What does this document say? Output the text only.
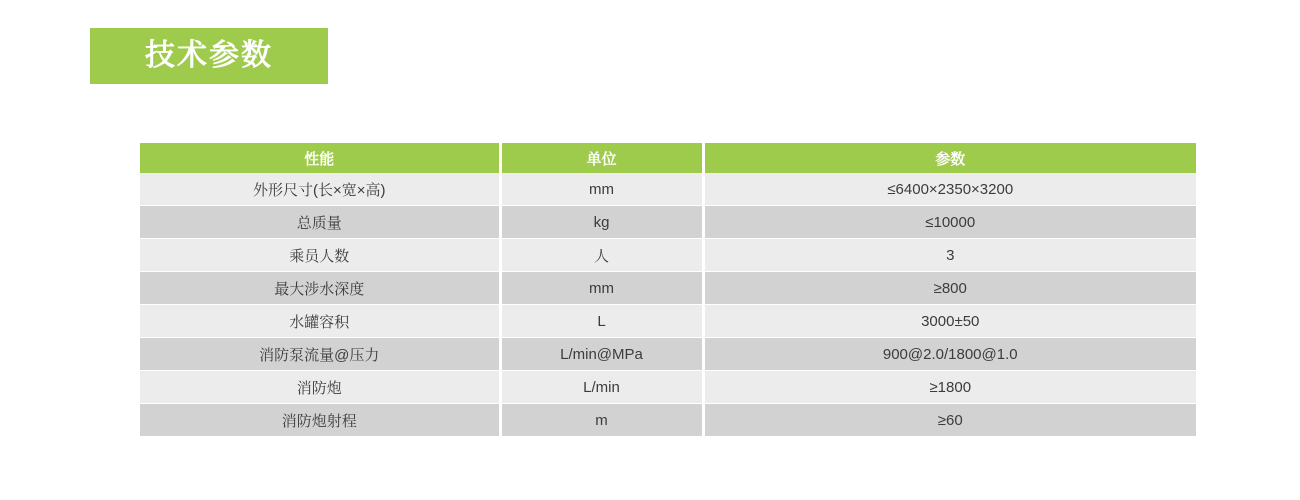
技术参数
性能	单位	参数
外形尺寸(长×宽×高)	mm	≤6400×2350×3200
总质量	kg	≤10000
乘员人数	人	3
最大涉水深度	mm	≥800
水罐容积	L	3000±50
消防泵流量@压力	L/min@MPa	900@2.0/1800@1.0
消防炮	L/min	≥1800
消防炮射程	m	≥60
